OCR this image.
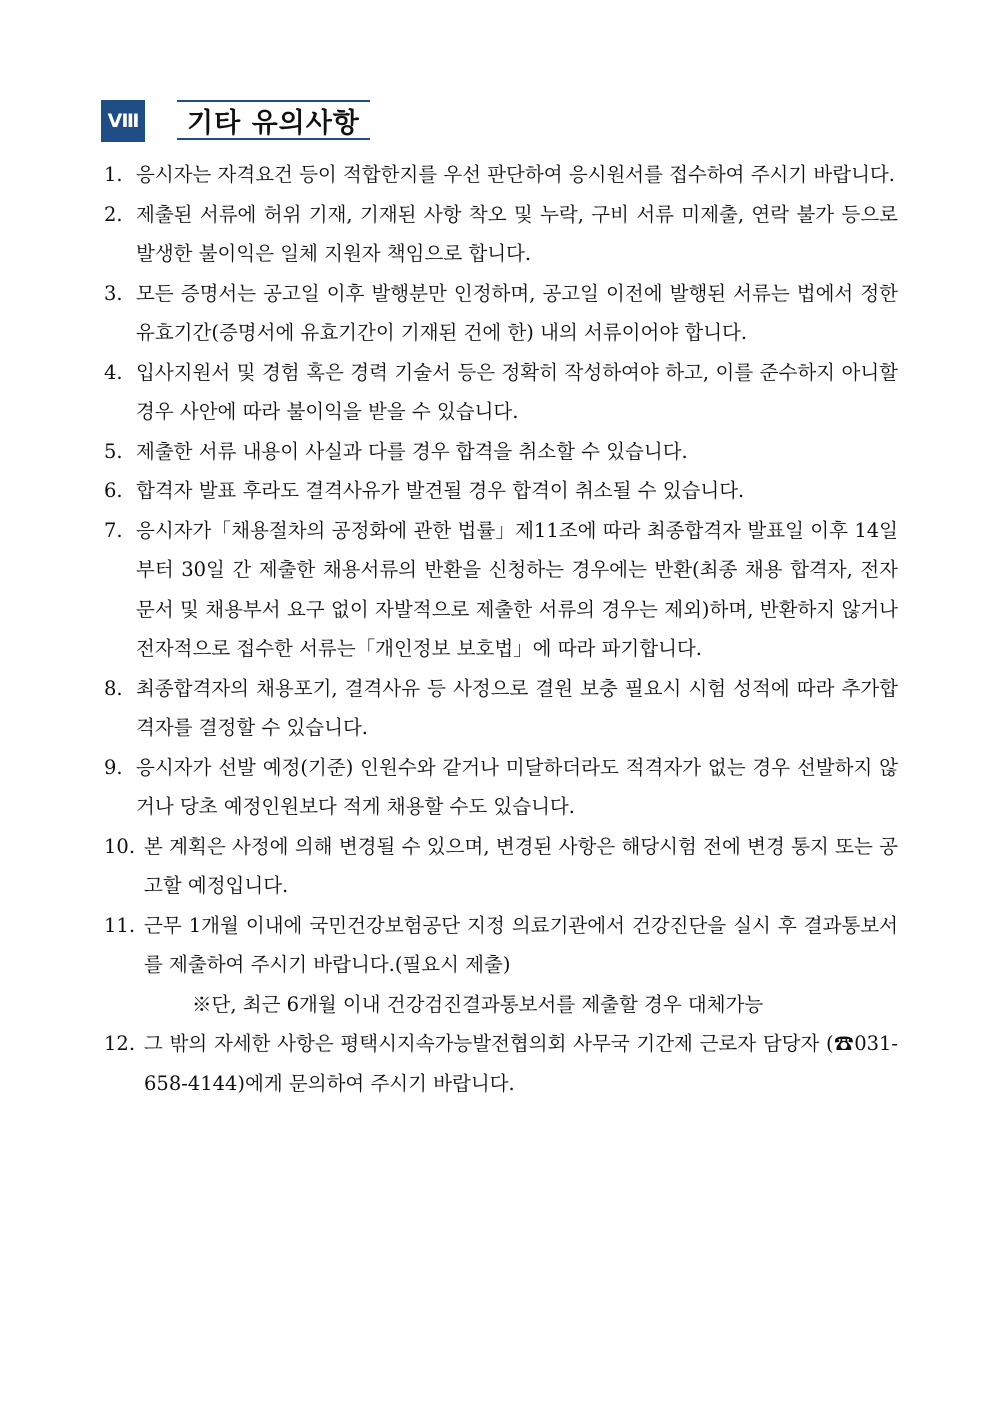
Ⅷ	기타 유의사항
1. 응시자는 자격요건 등이 적합한지를 우선 판단하여 응시원서를 접수하여 주시기 바랍니다.
2. 제출된 서류에 허위 기재, 기재된 사항 착오 및 누락, 구비 서류 미제출, 연락 불가 등으로 발생한 불이익은 일체 지원자 책임으로 합니다.
3. 모든 증명서는 공고일 이후 발행분만 인정하며, 공고일 이전에 발행된 서류는 법에서 정한 유효기간(증명서에 유효기간이 기재된 건에 한) 내의 서류이어야 합니다.
4. 입사지원서 및 경험 혹은 경력 기술서 등은 정확히 작성하여야 하고, 이를 준수하지 아니할 경우 사안에 따라 불이익을 받을 수 있습니다.
5. 제출한 서류 내용이 사실과 다를 경우 합격을 취소할 수 있습니다.
6. 합격자 발표 후라도 결격사유가 발견될 경우 합격이 취소될 수 있습니다.
7. 응시자가「채용절차의 공정화에 관한 법률」제11조에 따라 최종합격자 발표일 이후 14일부터 30일 간 제출한 채용서류의 반환을 신청하는 경우에는 반환(최종 채용 합격자, 전자문서 및 채용부서 요구 없이 자발적으로 제출한 서류의 경우는 제외)하며, 반환하지 않거나 전자적으로 접수한 서류는「개인정보 보호법」에 따라 파기합니다.
8. 최종합격자의 채용포기, 결격사유 등 사정으로 결원 보충 필요시 시험 성적에 따라 추가합격자를 결정할 수 있습니다.
9. 응시자가 선발 예정(기준) 인원수와 같거나 미달하더라도 적격자가 없는 경우 선발하지 않거나 당초 예정인원보다 적게 채용할 수도 있습니다.
10. 본 계획은 사정에 의해 변경될 수 있으며, 변경된 사항은 해당시험 전에 변경 통지 또는 공고할 예정입니다.
11. 근무 1개월 이내에 국민건강보험공단 지정 의료기관에서 건강진단을 실시 후 결과통보서를 제출하여 주시기 바랍니다.(필요시 제출)
※단, 최근 6개월 이내 건강검진결과통보서를 제출할 경우 대체가능
12. 그 밖의 자세한 사항은 평택시지속가능발전협의회 사무국 기간제 근로자 담당자 (☎031-658-4144)에게 문의하여 주시기 바랍니다.
